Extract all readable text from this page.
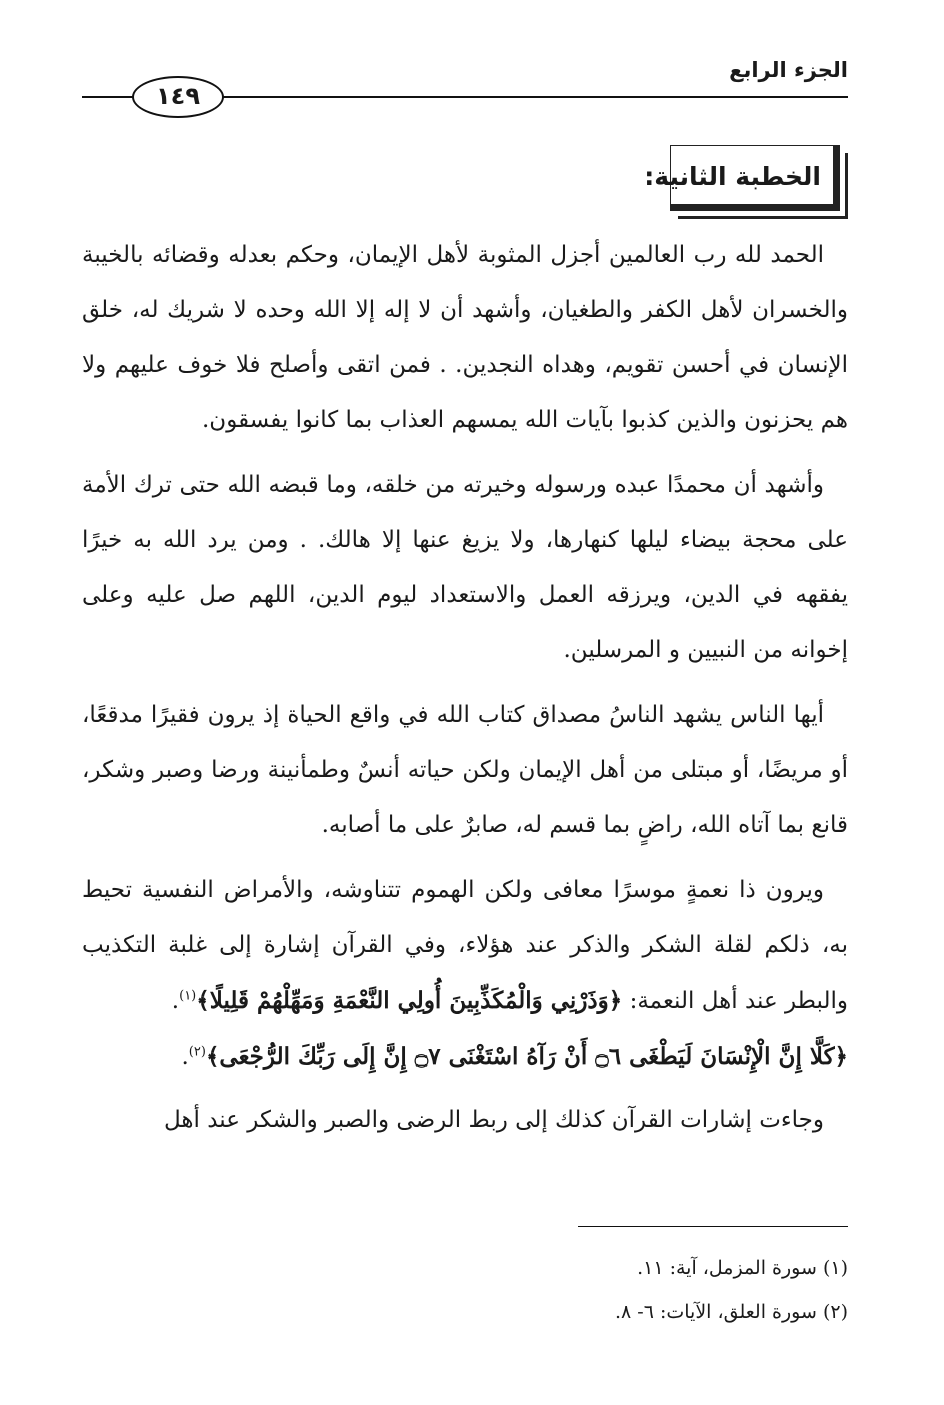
الجزء الرابع
١٤٩
الخطبة الثانية:

الحمد لله رب العالمين أجزل المثوبة لأهل الإيمان، وحكم بعدله وقضائه بالخيبة والخسران لأهل الكفر والطغيان، وأشهد أن لا إله إلا الله وحده لا شريك له، خلق الإنسان في أحسن تقويم، وهداه النجدين. . فمن اتقى وأصلح فلا خوف عليهم ولا هم يحزنون والذين كذبوا بآيات الله يمسهم العذاب بما كانوا يفسقون.

وأشهد أن محمدًا عبده ورسوله وخيرته من خلقه، وما قبضه الله حتى ترك الأمة على محجة بيضاء ليلها كنهارها، ولا يزيغ عنها إلا هالك. . ومن يرد الله به خيرًا يفقهه في الدين، ويرزقه العمل والاستعداد ليوم الدين، اللهم صل عليه وعلى إخوانه من النبيين و المرسلين.

أيها الناس يشهد الناسُ مصداق كتاب الله في واقع الحياة إذ يرون فقيرًا مدقعًا، أو مريضًا، أو مبتلى من أهل الإيمان ولكن حياته أنسٌ وطمأنينة ورضا وصبر وشكر، قانع بما آتاه الله، راضٍ بما قسم له، صابرٌ على ما أصابه.

ويرون ذا نعمةٍ موسرًا معافى ولكن الهموم تتناوشه، والأمراض النفسية تحيط به، ذلكم لقلة الشكر والذكر عند هؤلاء، وفي القرآن إشارة إلى غلبة التكذيب والبطر عند أهل النعمة: ﴿وَذَرْنِي وَالْمُكَذِّبِينَ أُولِي النَّعْمَةِ وَمَهِّلْهُمْ قَلِيلًا﴾$^{(١)}$.

﴿كَلَّا إِنَّ الْإِنْسَانَ لَيَطْغَى ۝٦ أَنْ رَآهُ اسْتَغْنَى ۝٧ إِنَّ إِلَى رَبِّكَ الرُّجْعَى﴾$^{(٢)}$.

وجاءت إشارات القرآن كذلك إلى ربط الرضى والصبر والشكر عند أهل

(١) سورة المزمل، آية: ١١.
(٢) سورة العلق، الآيات: ٦- ٨.
